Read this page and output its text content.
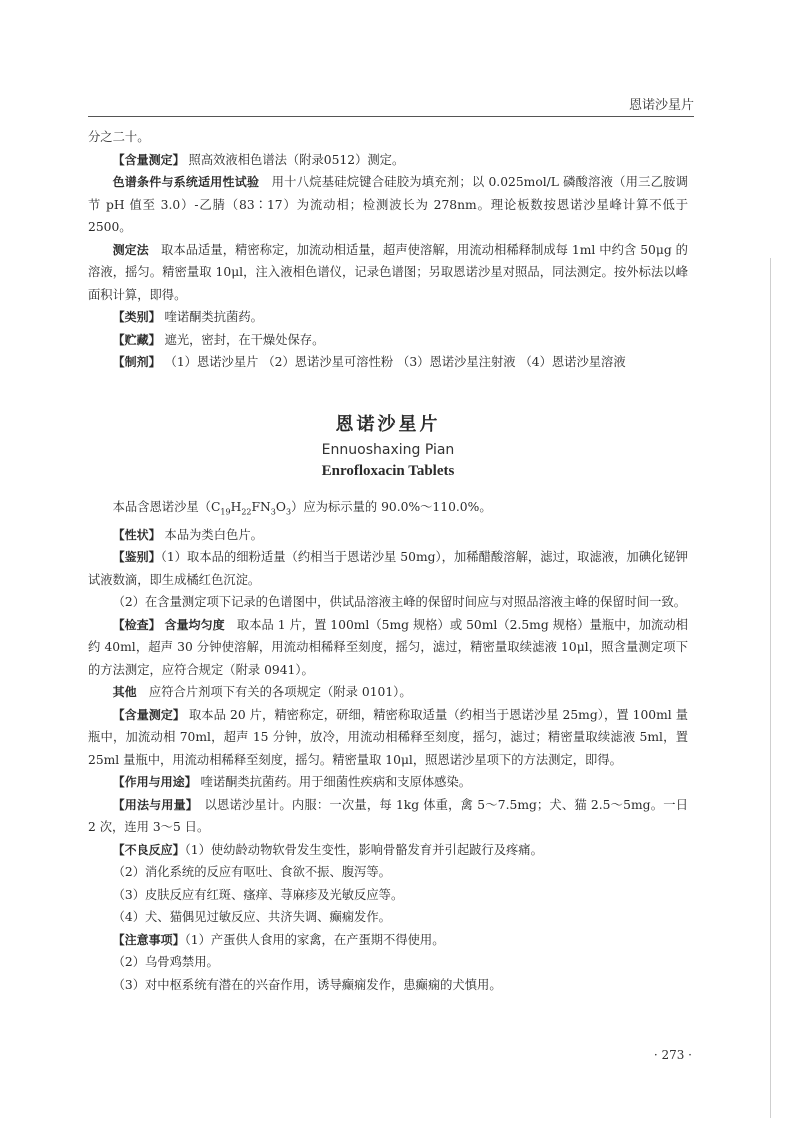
恩诺沙星片

分之二十。

【含量测定】 照高效液相色谱法（附录0512）测定。

色谱条件与系统适用性试验　 用十八烷基硅烷键合硅胶为填充剂；以 0.025mol/L 磷酸溶液（用三乙胺调节 pH 值至 3.0）-乙腈（83∶17）为流动相；检测波长为 278nm。理论板数按恩诺沙星峰计算不低于 2500。

测定法　 取本品适量，精密称定，加流动相适量，超声使溶解，用流动相稀释制成每 1ml 中约含 50μg 的溶液，摇匀。精密量取 10μl，注入液相色谱仪，记录色谱图；另取恩诺沙星对照品，同法测定。按外标法以峰面积计算，即得。

【类别】 喹诺酮类抗菌药。

【贮藏】 遮光，密封，在干燥处保存。

【制剂】 （1）恩诺沙星片 （2）恩诺沙星可溶性粉 （3）恩诺沙星注射液 （4）恩诺沙星溶液

恩诺沙星片
Ennuoshaxing Pian
Enrofloxacin Tablets

本品含恩诺沙星$(C_{19}H_{22}FN_3O_3)$应为标示量的 90.0%～110.0%。

【性状】 本品为类白色片。

【鉴别】（1）取本品的细粉适量（约相当于恩诺沙星 50mg），加稀醋酸溶解，滤过，取滤液，加碘化铋钾试液数滴，即生成橘红色沉淀。

（2）在含量测定项下记录的色谱图中，供试品溶液主峰的保留时间应与对照品溶液主峰的保留时间一致。

【检查】 含量均匀度　 取本品 1 片，置 100ml（5mg 规格）或 50ml（2.5mg 规格）量瓶中，加流动相约 40ml，超声 30 分钟使溶解，用流动相稀释至刻度，摇匀，滤过，精密量取续滤液 10μl，照含量测定项下的方法测定，应符合规定（附录 0941）。

其他　 应符合片剂项下有关的各项规定（附录 0101）。

【含量测定】 取本品 20 片，精密称定，研细，精密称取适量（约相当于恩诺沙星 25mg），置 100ml 量瓶中，加流动相 70ml，超声 15 分钟，放冷，用流动相稀释至刻度，摇匀，滤过；精密量取续滤液 5ml，置 25ml 量瓶中，用流动相稀释至刻度，摇匀。精密量取 10μl，照恩诺沙星项下的方法测定，即得。

【作用与用途】 喹诺酮类抗菌药。用于细菌性疾病和支原体感染。

【用法与用量】　 以恩诺沙星计。内服：一次量，每 1kg 体重，禽 5～7.5mg；犬、猫 2.5～5mg。一日 2 次，连用 3～5 日。

【不良反应】（1）使幼龄动物软骨发生变性，影响骨骼发育并引起跛行及疼痛。

（2）消化系统的反应有呕吐、食欲不振、腹泻等。

（3）皮肤反应有红斑、瘙痒、荨麻疹及光敏反应等。

（4）犬、猫偶见过敏反应、共济失调、癫痫发作。

【注意事项】（1）产蛋供人食用的家禽，在产蛋期不得使用。

（2）乌骨鸡禁用。

（3）对中枢系统有潜在的兴奋作用，诱导癫痫发作，患癫痫的犬慎用。

· 273 ·
